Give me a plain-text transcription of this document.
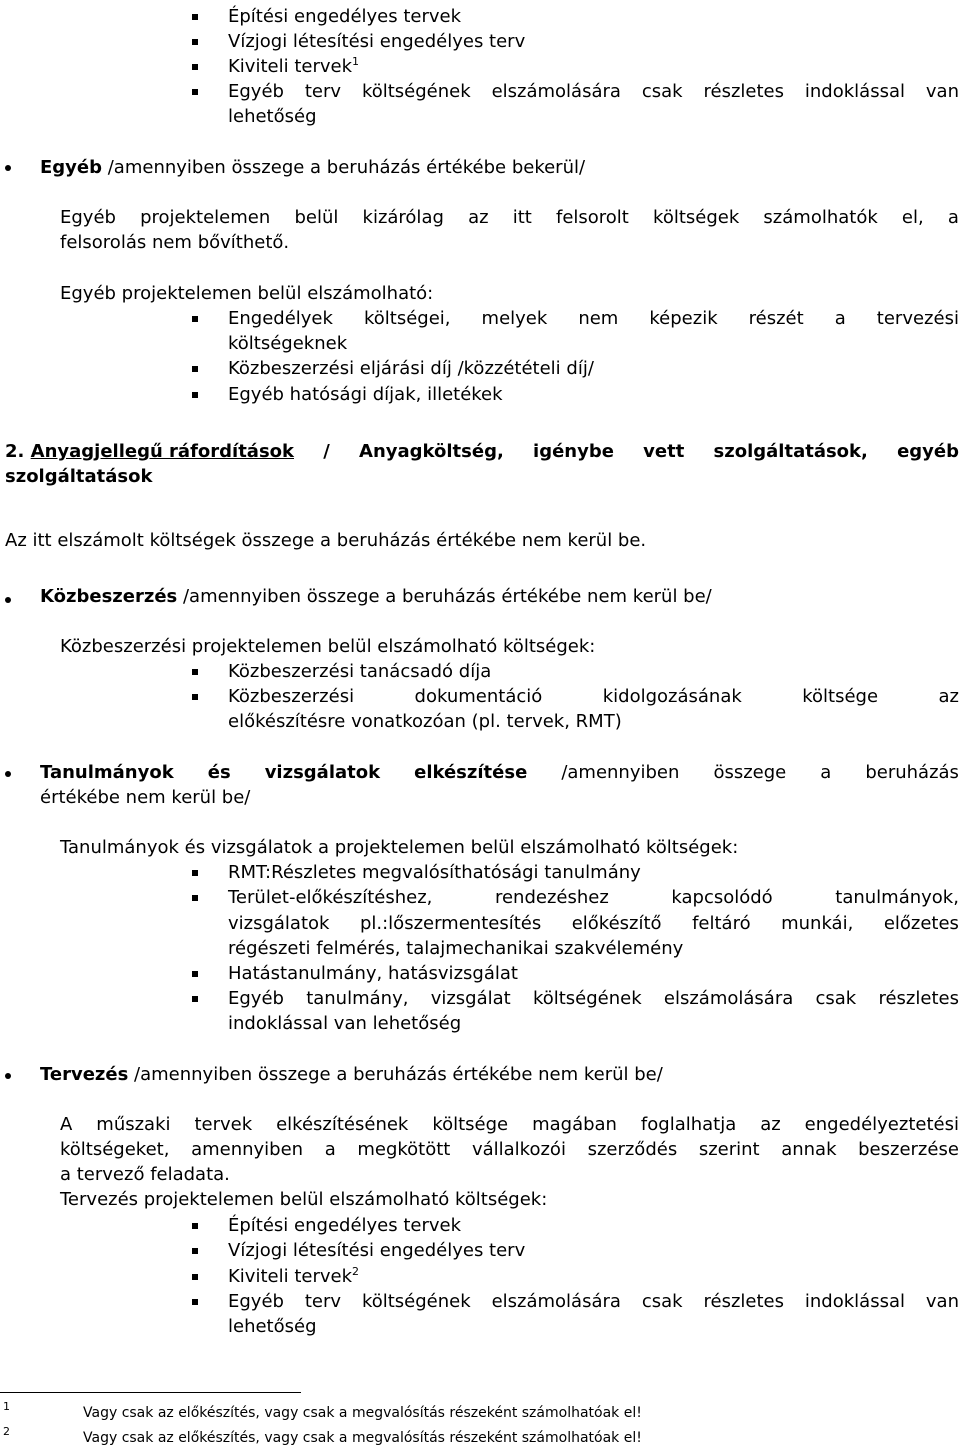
Építési engedélyes tervek
Vízjogi létesítési engedélyes terv
Kiviteli tervek$^1$
Egyéb terv költségének elszámolására csak részletes indoklással van
lehetőség
Egyéb /amennyiben összege a beruházás értékébe bekerül/
Egyéb projektelemen belül kizárólag az itt felsorolt költségek számolhatók el, a
felsorolás nem bővíthető.
Egyéb projektelemen belül elszámolható:
Engedélyek költségei, melyek nem képezik részét a tervezési
költségeknek
Közbeszerzési eljárási díj /közzétételi díj/
Egyéb hatósági díjak, illetékek
2. Anyagjellegű ráfordítások / Anyagköltség, igénybe vett szolgáltatások, egyéb
szolgáltatások
Az itt elszámolt költségek összege a beruházás értékébe nem kerül be.
Közbeszerzés /amennyiben összege a beruházás értékébe nem kerül be/
Közbeszerzési projektelemen belül elszámolható költségek:
Közbeszerzési tanácsadó díja
Közbeszerzési	dokumentáció	kidolgozásának	költsége	az
előkészítésre vonatkozóan (pl. tervek, RMT)
Tanulmányok és vizsgálatok elkészítése /amennyiben összege a beruházás
értékébe nem kerül be/
Tanulmányok és vizsgálatok a projektelemen belül elszámolható költségek:
RMT:Részletes megvalósíthatósági tanulmány
Terület-előkészítéshez,	rendezéshez	kapcsolódó	tanulmányok,
vizsgálatok pl.:lőszermentesítés előkészítő feltáró munkái, előzetes
régészeti felmérés, talajmechanikai szakvélemény
Hatástanulmány, hatásvizsgálat
Egyéb tanulmány, vizsgálat költségének elszámolására csak részletes
indoklással van lehetőség
Tervezés /amennyiben összege a beruházás értékébe nem kerül be/
A műszaki tervek elkészítésének költsége magában foglalhatja az engedélyeztetési
költségeket, amennyiben a megkötött vállalkozói szerződés szerint annak beszerzése
a tervező feladata.
Tervezés projektelemen belül elszámolható költségek:
Építési engedélyes tervek
Vízjogi létesítési engedélyes terv
Kiviteli tervek$^2$
Egyéb terv költségének elszámolására csak részletes indoklással van
lehetőség
1	Vagy csak az előkészítés, vagy csak a megvalósítás részeként számolhatóak el!
2	Vagy csak az előkészítés, vagy csak a megvalósítás részeként számolhatóak el!
